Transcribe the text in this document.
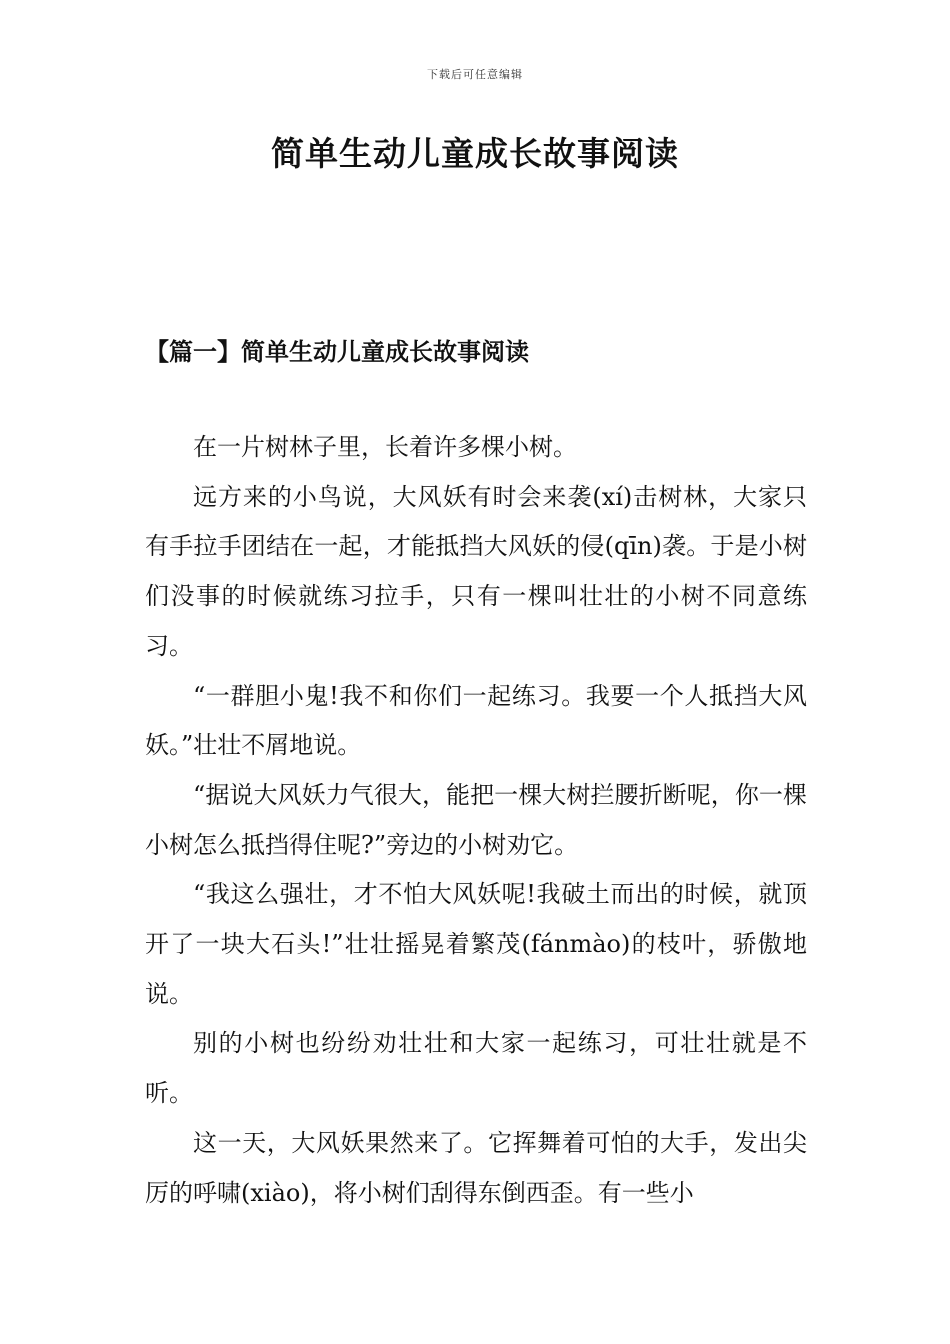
下载后可任意编辑
简单生动儿童成长故事阅读
【篇一】简单生动儿童成长故事阅读

在一片树林子里，长着许多棵小树。

远方来的小鸟说，大风妖有时会来袭(xí)击树林，大家只有手拉手团结在一起，才能抵挡大风妖的侵(qīn)袭。于是小树们没事的时候就练习拉手，只有一棵叫壮壮的小树不同意练习。

“一群胆小鬼!我不和你们一起练习。我要一个人抵挡大风妖。”壮壮不屑地说。

“据说大风妖力气很大，能把一棵大树拦腰折断呢，你一棵小树怎么抵挡得住呢?”旁边的小树劝它。

“我这么强壮，才不怕大风妖呢!我破土而出的时候，就顶开了一块大石头!”壮壮摇晃着繁茂(fánmào)的枝叶，骄傲地说。

别的小树也纷纷劝壮壮和大家一起练习，可壮壮就是不听。

这一天，大风妖果然来了。它挥舞着可怕的大手，发出尖厉的呼啸(xiào)，将小树们刮得东倒西歪。有一些小
